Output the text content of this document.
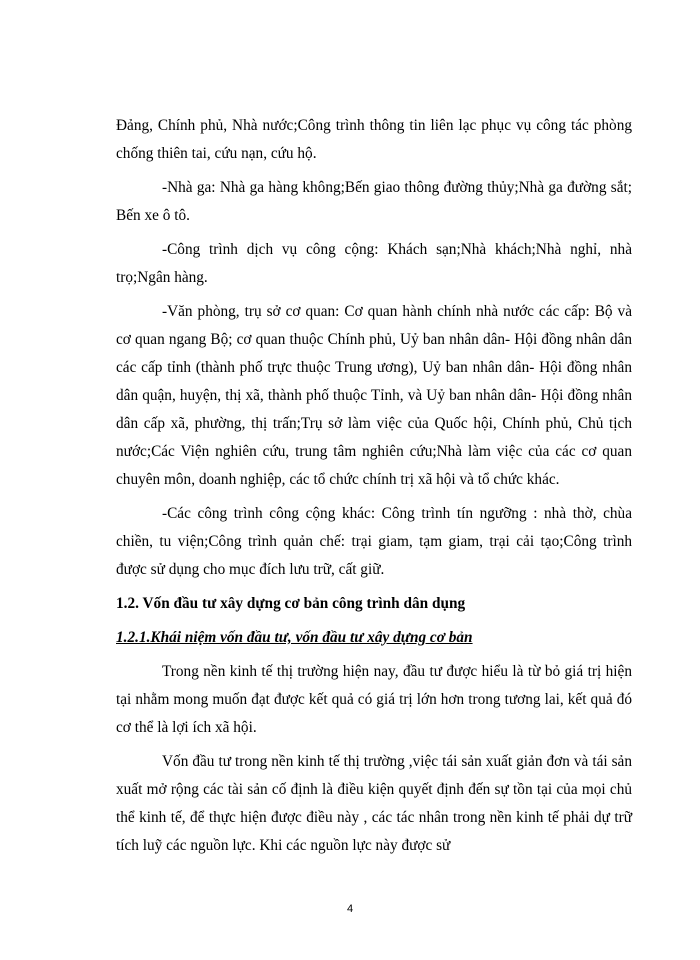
Đảng, Chính phủ, Nhà nước;Công trình thông tin liên lạc phục vụ công tác phòng chống thiên tai, cứu nạn, cứu hộ.

-Nhà ga: Nhà ga hàng không;Bến giao thông đường thủy;Nhà ga đường sắt; Bến xe ô tô.

-Công trình dịch vụ công cộng: Khách sạn;Nhà khách;Nhà nghỉ, nhà trọ;Ngân hàng.

-Văn phòng, trụ sở cơ quan: Cơ quan hành chính nhà nước các cấp: Bộ và cơ quan ngang Bộ; cơ quan thuộc Chính phủ, Uỷ ban nhân dân- Hội đồng nhân dân các cấp tỉnh (thành phố trực thuộc Trung ương), Uỷ ban nhân dân- Hội đồng nhân dân quận, huyện, thị xã, thành phố thuộc Tỉnh, và Uỷ ban nhân dân- Hội đồng nhân dân cấp xã, phường, thị trấn;Trụ sở làm việc của Quốc hội, Chính phủ, Chủ tịch nước;Các Viện nghiên cứu, trung tâm nghiên cứu;Nhà làm việc của các cơ quan chuyên môn, doanh nghiệp, các tổ chức chính trị xã hội và tổ chức khác.

-Các công trình công cộng khác: Công trình tín ngưỡng : nhà thờ, chùa chiền, tu viện;Công trình quản chế: trại giam, tạm giam, trại cải tạo;Công trình được sử dụng cho mục đích lưu trữ, cất giữ.

1.2. Vốn đầu tư xây dựng cơ bản công trình dân dụng

1.2.1.Khái niệm vốn đầu tư, vốn đầu tư xây dựng cơ bản

Trong nền kinh tế thị trường hiện nay, đầu tư được hiểu là từ bỏ giá trị hiện tại nhằm mong muốn đạt được kết quả có giá trị lớn hơn trong tương lai, kết quả đó cơ thể là lợi ích xã hội.

Vốn đầu tư trong nền kinh tế thị trường ,việc tái sản xuất giản đơn và tái sản xuất mở rộng các tài sản cố định là điều kiện quyết định đến sự tồn tại của mọi chủ thể kinh tế, để thực hiện được điều này , các tác nhân trong nền kinh tế phải dự trữ tích luỹ các nguồn lực. Khi các nguồn lực này được sử

4
